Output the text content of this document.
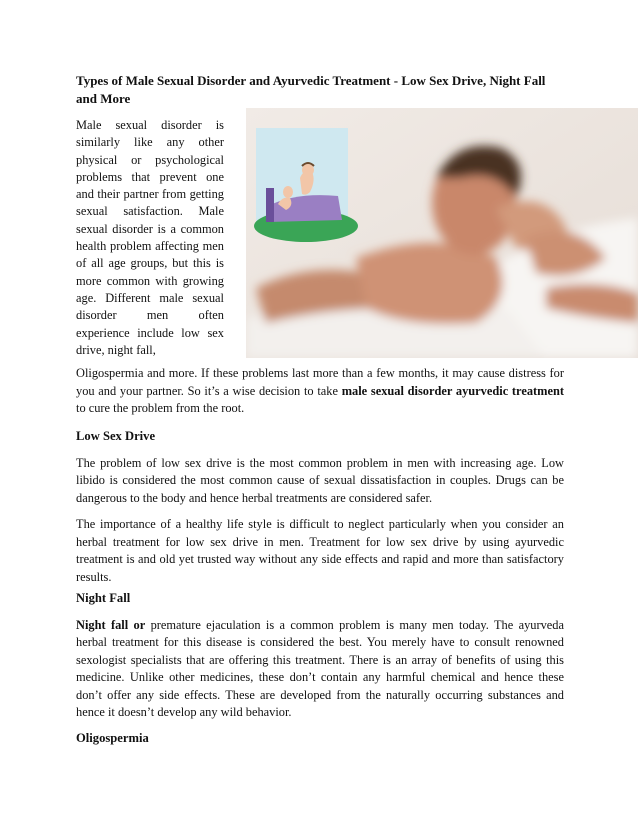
Types of Male Sexual Disorder and Ayurvedic Treatment - Low Sex Drive, Night Fall and More

Male sexual disorder is similarly like any other physical or psychological problems that prevent one and their partner from getting sexual satisfaction. Male sexual disorder is a common health problem affecting men of all age groups, but this is more common with growing age. Different male sexual disorder men often experience include low sex drive, night fall,

Oligospermia and more. If these problems last more than a few months, it may cause distress for you and your partner. So it’s a wise decision to take male sexual disorder ayurvedic treatment to cure the problem from the root.

Low Sex Drive

The problem of low sex drive is the most common problem in men with increasing age. Low libido is considered the most common cause of sexual dissatisfaction in couples. Drugs can be dangerous to the body and hence herbal treatments are considered safer.

The importance of a healthy life style is difficult to neglect particularly when you consider an herbal treatment for low sex drive in men. Treatment for low sex drive by using ayurvedic treatment is and old yet trusted way without any side effects and rapid and more than satisfactory results.

Night Fall

Night fall or premature ejaculation is a common problem is many men today. The ayurveda herbal treatment for this disease is considered the best. You merely have to consult renowned sexologist specialists that are offering this treatment. There is an array of benefits of using this medicine. Unlike other medicines, these don’t contain any harmful chemical and hence these don’t offer any side effects. These are developed from the naturally occurring substances and hence it doesn’t develop any wild behavior.

Oligospermia
